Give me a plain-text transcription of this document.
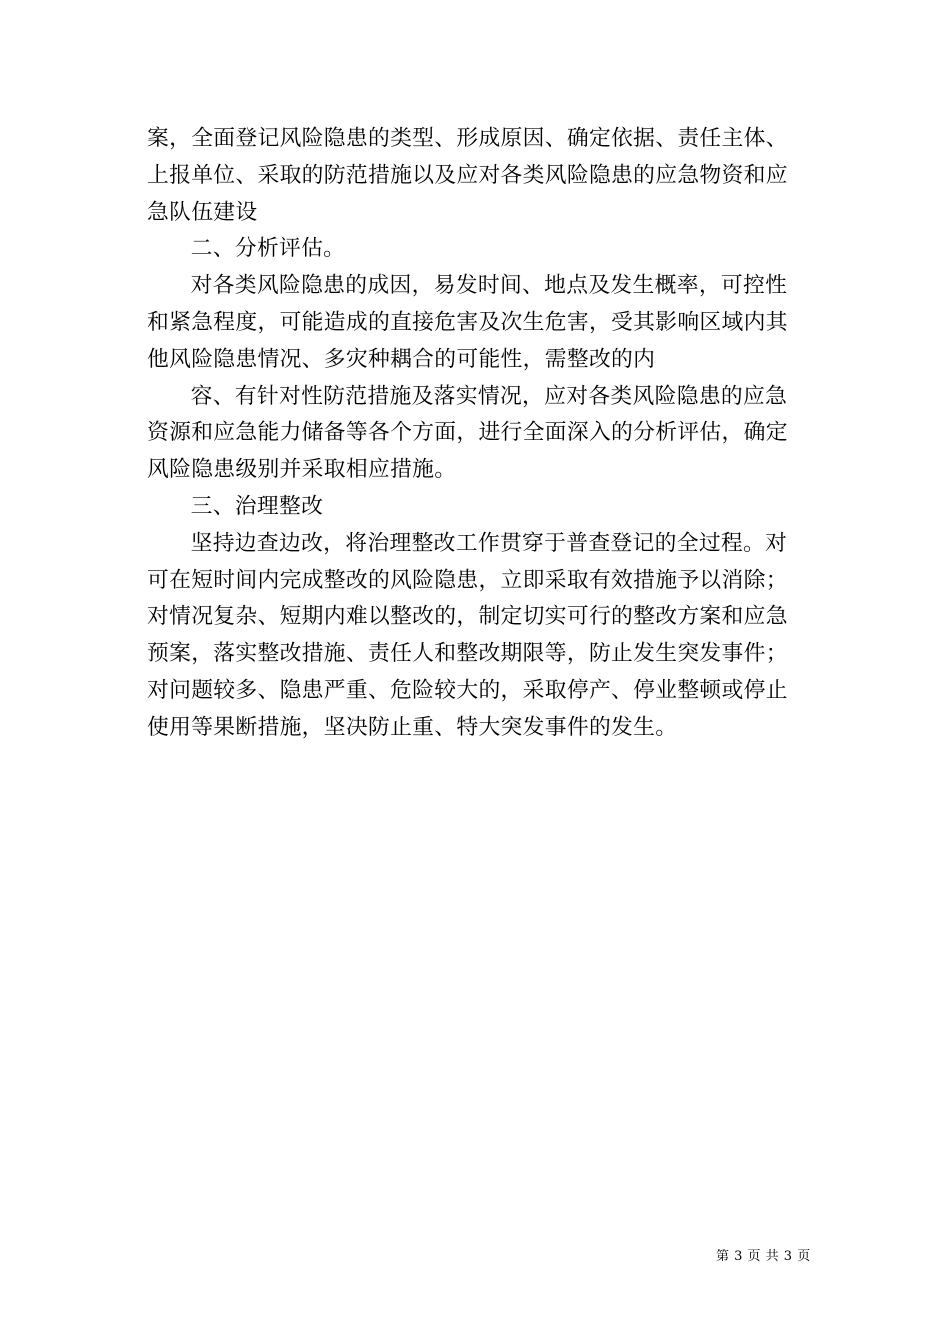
案，全面登记风险隐患的类型、形成原因、确定依据、责任主体、
上报单位、采取的防范措施以及应对各类风险隐患的应急物资和应
急队伍建设
二、分析评估。
对各类风险隐患的成因，易发时间、地点及发生概率，可控性
和紧急程度，可能造成的直接危害及次生危害，受其影响区域内其
他风险隐患情况、多灾种耦合的可能性，需整改的内
容、有针对性防范措施及落实情况，应对各类风险隐患的应急
资源和应急能力储备等各个方面，进行全面深入的分析评估，确定
风险隐患级别并采取相应措施。
三、治理整改
坚持边查边改，将治理整改工作贯穿于普查登记的全过程。对
可在短时间内完成整改的风险隐患，立即采取有效措施予以消除；
对情况复杂、短期内难以整改的，制定切实可行的整改方案和应急
预案，落实整改措施、责任人和整改期限等，防止发生突发事件；
对问题较多、隐患严重、危险较大的，采取停产、停业整顿或停止
使用等果断措施，坚决防止重、特大突发事件的发生。
第 3 页 共 3 页
